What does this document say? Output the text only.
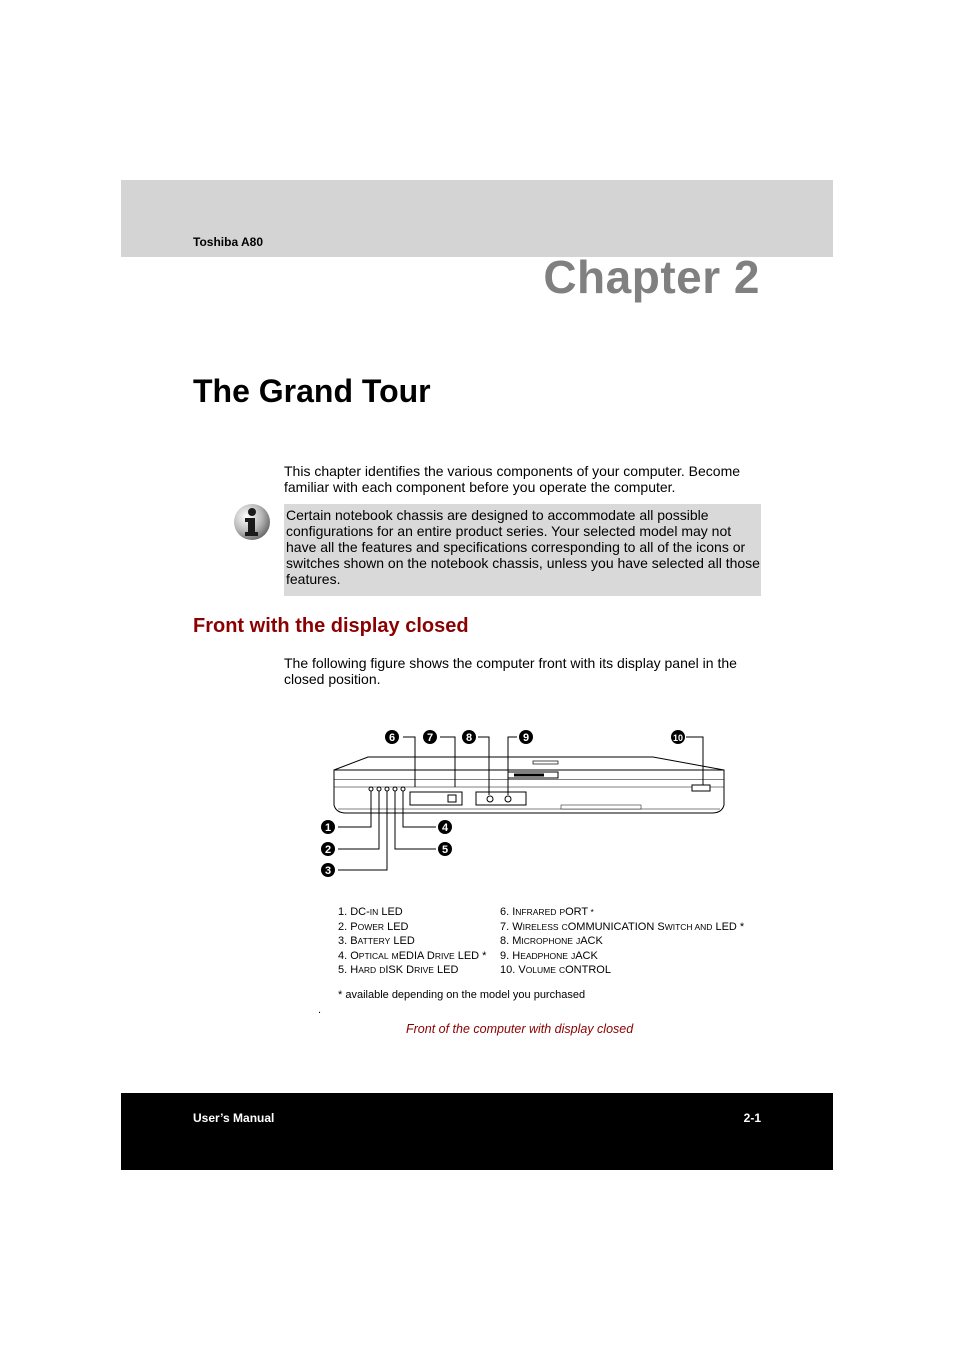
Toshiba A80
Chapter 2
The Grand Tour

This chapter identifies the various components of your computer. Become familiar with each component before you operate the computer.

Certain notebook chassis are designed to accommodate all possible configurations for an entire product series. Your selected model may not have all the features and specifications corresponding to all of the icons or switches shown on the notebook chassis, unless you have selected all those features.
Front with the display closed

The following figure shows the computer front with its display panel in the closed position.

6	7	8	9	10
1
2
3
4
5
1. DC-IN LED
2. POWER LED
3. BATTERY LED
4. OPTICAL MEDIA DRIVE LED *
5. HARD DISK DRIVE LED
6. INFRARED PORT *
7. WIRELESS COMMUNICATION SWITCH AND LED *
8. MICROPHONE JACK
9. HEADPHONE JACK
10. VOLUME CONTROL
* available depending on the model you purchased
.
Front of the computer with display closed
User’s Manual	2-1
